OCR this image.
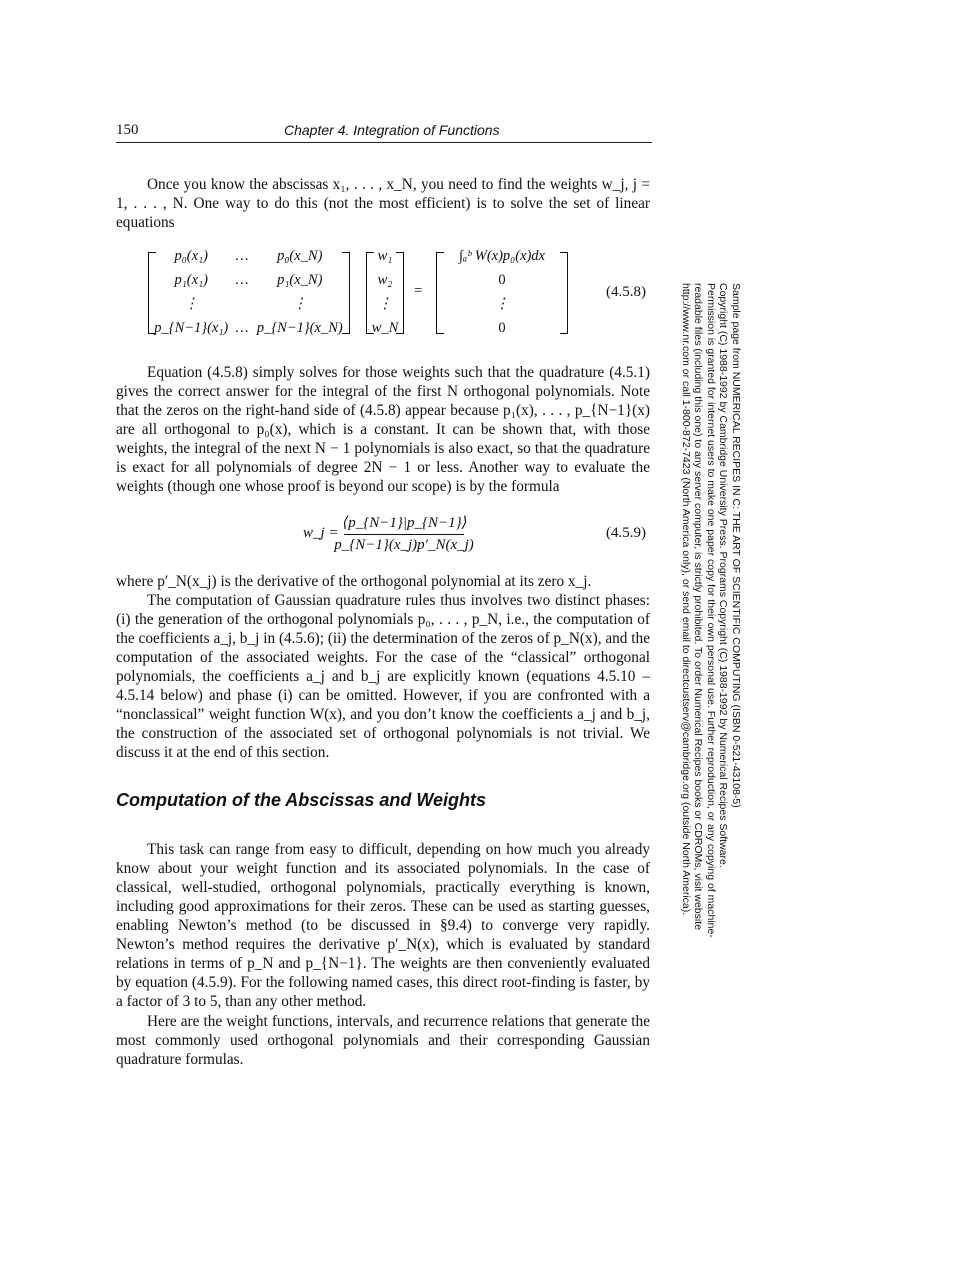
150	Chapter 4. Integration of Functions

Once you know the abscissas x₁, . . . , x_N, you need to find the weights w_j, j = 1, . . . , N. One way to do this (not the most efficient) is to solve the set of linear equations

p₀(x₁)	…	p₀(x_N)
p₁(x₁)	…	p₁(x_N)
⋮		⋮
p_{N−1}(x₁)	…	p_{N−1}(x_N)
w₁
w₂
⋮
w_N
=
∫ₐᵇ W(x)p₀(x)dx
0
⋮
0
(4.5.8)

Equation (4.5.8) simply solves for those weights such that the quadrature (4.5.1) gives the correct answer for the integral of the first N orthogonal polynomials. Note that the zeros on the right-hand side of (4.5.8) appear because p₁(x), . . . , p_{N−1}(x) are all orthogonal to p₀(x), which is a constant. It can be shown that, with those weights, the integral of the next N − 1 polynomials is also exact, so that the quadrature is exact for all polynomials of degree 2N − 1 or less. Another way to evaluate the weights (though one whose proof is beyond our scope) is by the formula

w_j =
⟨p_{N−1}|p_{N−1}⟩
p_{N−1}(x_j)p′_N(x_j)
(4.5.9)

where p′_N(x_j) is the derivative of the orthogonal polynomial at its zero x_j.

The computation of Gaussian quadrature rules thus involves two distinct phases: (i) the generation of the orthogonal polynomials p₀, . . . , p_N, i.e., the computation of the coefficients a_j, b_j in (4.5.6); (ii) the determination of the zeros of p_N(x), and the computation of the associated weights. For the case of the “classical” orthogonal polynomials, the coefficients a_j and b_j are explicitly known (equations 4.5.10 – 4.5.14 below) and phase (i) can be omitted. However, if you are confronted with a “nonclassical” weight function W(x), and you don’t know the coefficients a_j and b_j, the construction of the associated set of orthogonal polynomials is not trivial. We discuss it at the end of this section.

Computation of the Abscissas and Weights

This task can range from easy to difficult, depending on how much you already know about your weight function and its associated polynomials. In the case of classical, well-studied, orthogonal polynomials, practically everything is known, including good approximations for their zeros. These can be used as starting guesses, enabling Newton’s method (to be discussed in §9.4) to converge very rapidly. Newton’s method requires the derivative p′_N(x), which is evaluated by standard relations in terms of p_N and p_{N−1}. The weights are then conveniently evaluated by equation (4.5.9). For the following named cases, this direct root-finding is faster, by a factor of 3 to 5, than any other method.

Here are the weight functions, intervals, and recurrence relations that generate the most commonly used orthogonal polynomials and their corresponding Gaussian quadrature formulas.

Sample page from NUMERICAL RECIPES IN C: THE ART OF SCIENTIFIC COMPUTING (ISBN 0-521-43108-5)
Copyright (C) 1988-1992 by Cambridge University Press. Programs Copyright (C) 1988-1992 by Numerical Recipes Software.
Permission is granted for internet users to make one paper copy for their own personal use. Further reproduction, or any copying of machine-
readable files (including this one) to any server computer, is strictly prohibited. To order Numerical Recipes books or CDROMs, visit website
http://www.nr.com or call 1-800-872-7423 (North America only), or send email to directcustserv@cambridge.org (outside North America).
